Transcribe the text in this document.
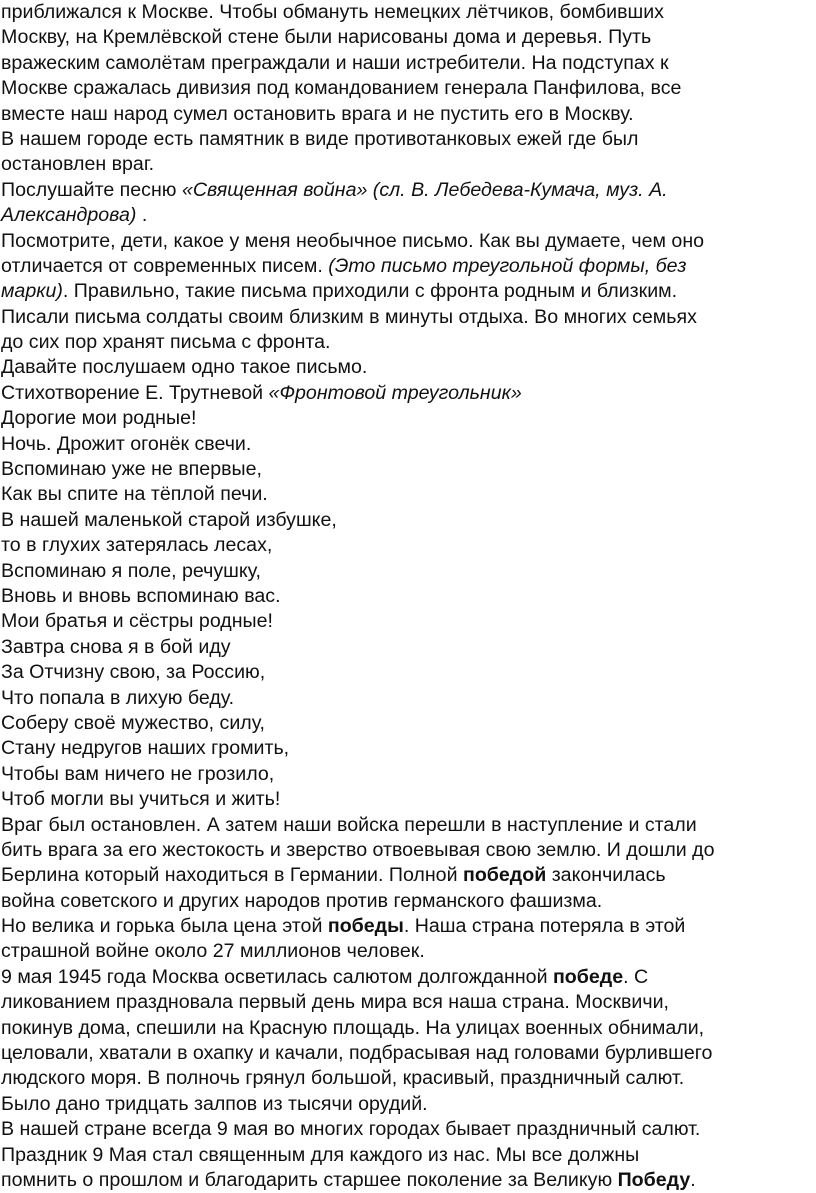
приближался к Москве. Чтобы обмануть немецких лётчиков, бомбивших
Москву, на Кремлёвской стене были нарисованы дома и деревья. Путь
вражеским самолётам преграждали и наши истребители. На подступах к
Москве сражалась дивизия под командованием генерала Панфилова, все
вместе наш народ сумел остановить врага и не пустить его в Москву.
В нашем городе есть памятник в виде противотанковых ежей где был
остановлен враг.
Послушайте песню «Священная война» (сл. В. Лебедева-Кумача, муз. А.
Александрова) .
Посмотрите, дети, какое у меня необычное письмо. Как вы думаете, чем оно
отличается от современных писем. (Это письмо треугольной формы, без
марки). Правильно, такие письма приходили с фронта родным и близким.
Писали письма солдаты своим близким в минуты отдыха. Во многих семьях
до сих пор хранят письма с фронта.
Давайте послушаем одно такое письмо.
Стихотворение Е. Трутневой «Фронтовой треугольник»
Дорогие мои родные!
Ночь. Дрожит огонёк свечи.
Вспоминаю уже не впервые,
Как вы спите на тёплой печи.
В нашей маленькой старой избушке,
то в глухих затерялась лесах,
Вспоминаю я поле, речушку,
Вновь и вновь вспоминаю вас.
Мои братья и сёстры родные!
Завтра снова я в бой иду
За Отчизну свою, за Россию,
Что попала в лихую беду.
Соберу своё мужество, силу,
Стану недругов наших громить,
Чтобы вам ничего не грозило,
Чтоб могли вы учиться и жить!
Враг был остановлен. А затем наши войска перешли в наступление и стали
бить врага за его жестокость и зверство отвоевывая свою землю. И дошли до
Берлина который находиться в Германии. Полной победой закончилась
война советского и других народов против германского фашизма.
Но велика и горька была цена этой победы. Наша страна потеряла в этой
страшной войне около 27 миллионов человек.
9 мая 1945 года Москва осветилась салютом долгожданной победе. С
ликованием праздновала первый день мира вся наша страна. Москвичи,
покинув дома, спешили на Красную площадь. На улицах военных обнимали,
целовали, хватали в охапку и качали, подбрасывая над головами бурлившего
людского моря. В полночь грянул большой, красивый, праздничный салют.
Было дано тридцать залпов из тысячи орудий.
В нашей стране всегда 9 мая во многих городах бывает праздничный салют.
Праздник 9 Мая стал священным для каждого из нас. Мы все должны
помнить о прошлом и благодарить старшее поколение за Великую Победу.
